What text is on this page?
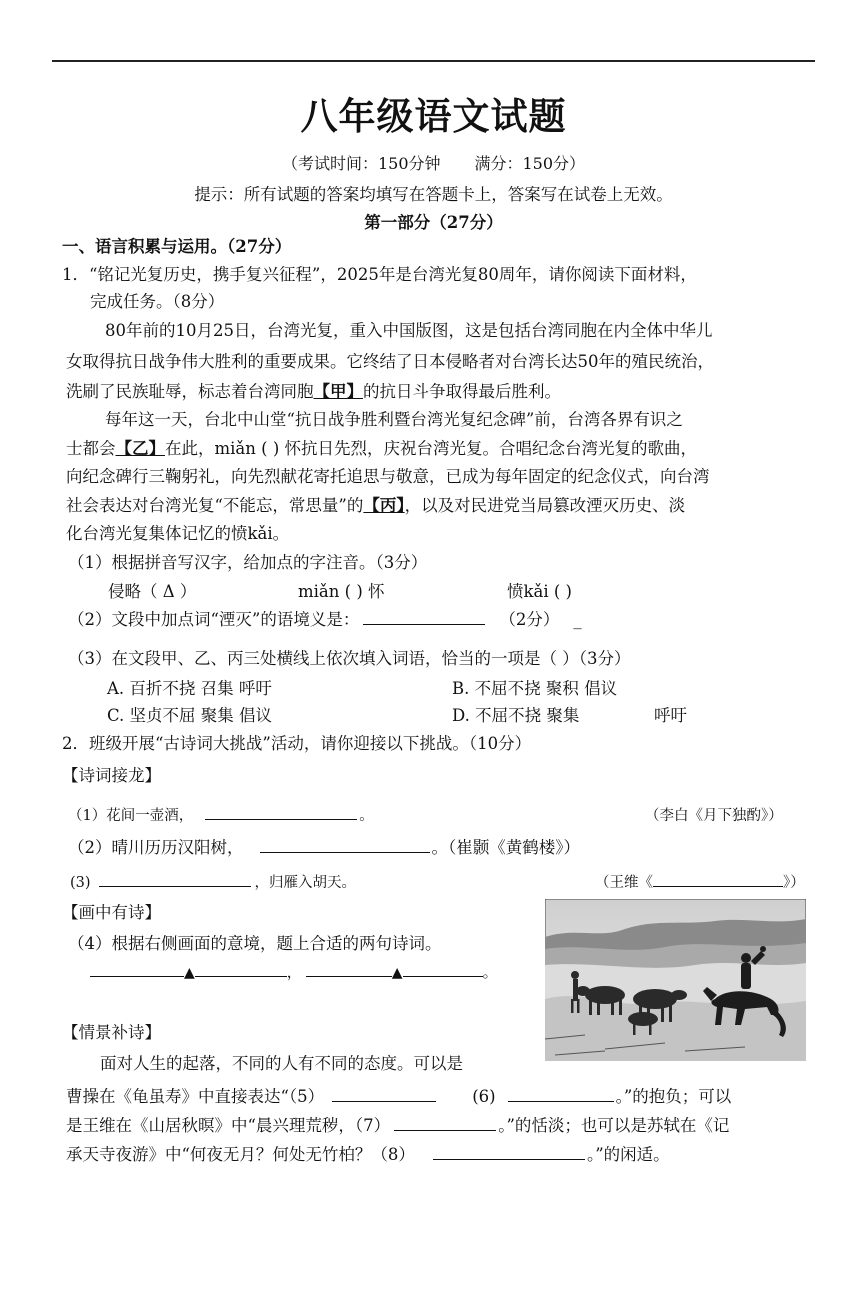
八年级语文试题
（考试时间：150分钟 满分：150分）
提示：所有试题的答案均填写在答题卡上，答案写在试卷上无效。
第一部分（27分）
一、语言积累与运用。（27分）
1．“铭记光复历史，携手复兴征程”，2025年是台湾光复80周年，请你阅读下面材料，
完成任务。（8分）
80年前的10月25日，台湾光复，重入中国版图，这是包括台湾同胞在内全体中华儿
女取得抗日战争伟大胜利的重要成果。它终结了日本侵略者对台湾长达50年的殖民统治，
洗刷了民族耻辱，标志着台湾同胞【甲】的抗日斗争取得最后胜利。
每年这一天，台北中山堂“抗日战争胜利暨台湾光复纪念碑”前，台湾各界有识之
士都会【乙】在此，miǎn ( ) 怀抗日先烈，庆祝台湾光复。合唱纪念台湾光复的歌曲，
向纪念碑行三鞠躬礼，向先烈献花寄托追思与敬意，已成为每年固定的纪念仪式，向台湾
社会表达对台湾光复“不能忘，常思量”的【丙】，以及对民进党当局篡改湮灭历史、淡
化台湾光复集体记忆的愤kǎi。
（1）根据拼音写汉字，给加点的字注音。（3分）
侵略（ Δ ）	miǎn ( ) 怀	愤kǎi ( )
（2）文段中加点词“湮灭”的语境义是：	（2分） _
（3）在文段甲、乙、丙三处横线上依次填入词语，恰当的一项是（ ）（3分）
A. 百折不挠 召集 呼吁	B. 不屈不挠 聚积 倡议
C. 坚贞不屈 聚集 倡议	D. 不屈不挠 聚集	呼吁
2．班级开展“古诗词大挑战”活动，请你迎接以下挑战。（10分）
【诗词接龙】
（1）花间一壶酒，	。	（李白《月下独酌》）
（2）晴川历历汉阳树，	。（崔颢《黄鹤楼》）
(3)	，归雁入胡天。	（王维《	》）
【画中有诗】
（4）根据右侧画面的意境，题上合适的两句诗词。
▲	，	▲	。
【情景补诗】
面对人生的起落，不同的人有不同的态度。可以是
曹操在《龟虽寿》中直接表达“（5）	(6)	。”的抱负；可以
是王维在《山居秋暝》中“晨兴理荒秽，（7）	。”的恬淡；也可以是苏轼在《记
承天寺夜游》中“何夜无月？何处无竹柏？（8）	。”的闲适。
